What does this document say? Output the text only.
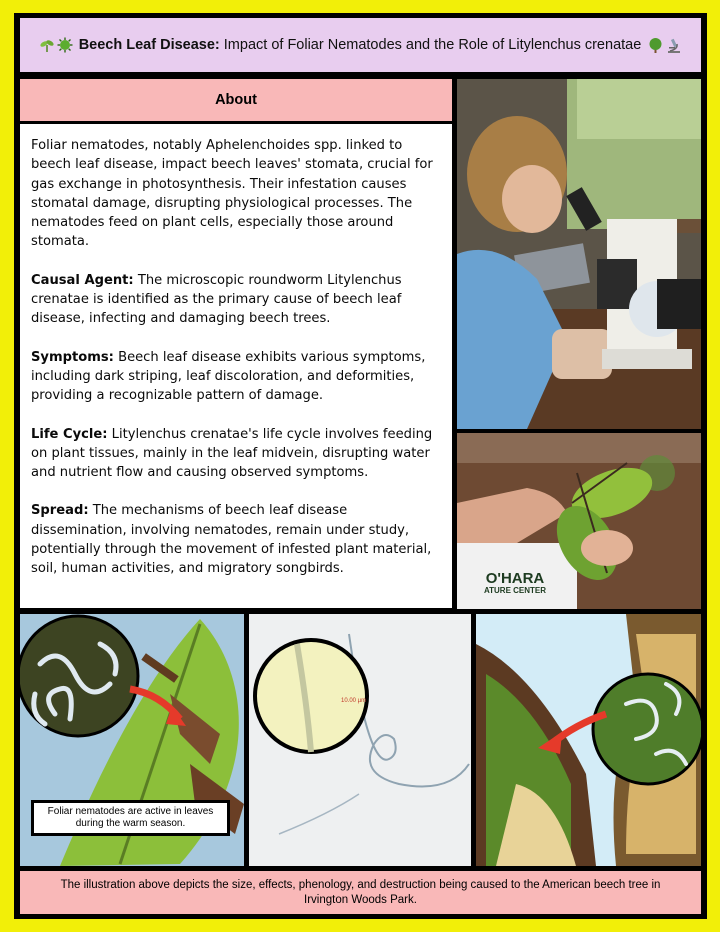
Beech Leaf Disease: Impact of Foliar Nematodes and the Role of Litylenchus crenatae
About

Foliar nematodes, notably Aphelenchoides spp. linked to beech leaf disease, impact beech leaves' stomata, crucial for gas exchange in photosynthesis. Their infestation causes stomatal damage, disrupting physiological processes. The nematodes feed on plant cells, especially those around stomata.

Causal Agent: The microscopic roundworm Litylenchus crenatae is identified as the primary cause of beech leaf disease, infecting and damaging beech trees.

Symptoms: Beech leaf disease exhibits various symptoms, including dark striping, leaf discoloration, and deformities, providing a recognizable pattern of damage.

Life Cycle: Litylenchus crenatae's life cycle involves feeding on plant tissues, mainly in the leaf midvein, disrupting water and nutrient flow and causing observed symptoms.

Spread: The mechanisms of beech leaf disease dissemination, involving nematodes, remain under study, potentially through the movement of infested plant material, soil, human activities, and migratory songbirds.

O'HARA
ATURE CENTER
Foliar nematodes are active in leaves during the warm season.
10.00 µm
The illustration above depicts the size, effects, phenology, and destruction being caused to the American beech tree in Irvington Woods Park.
